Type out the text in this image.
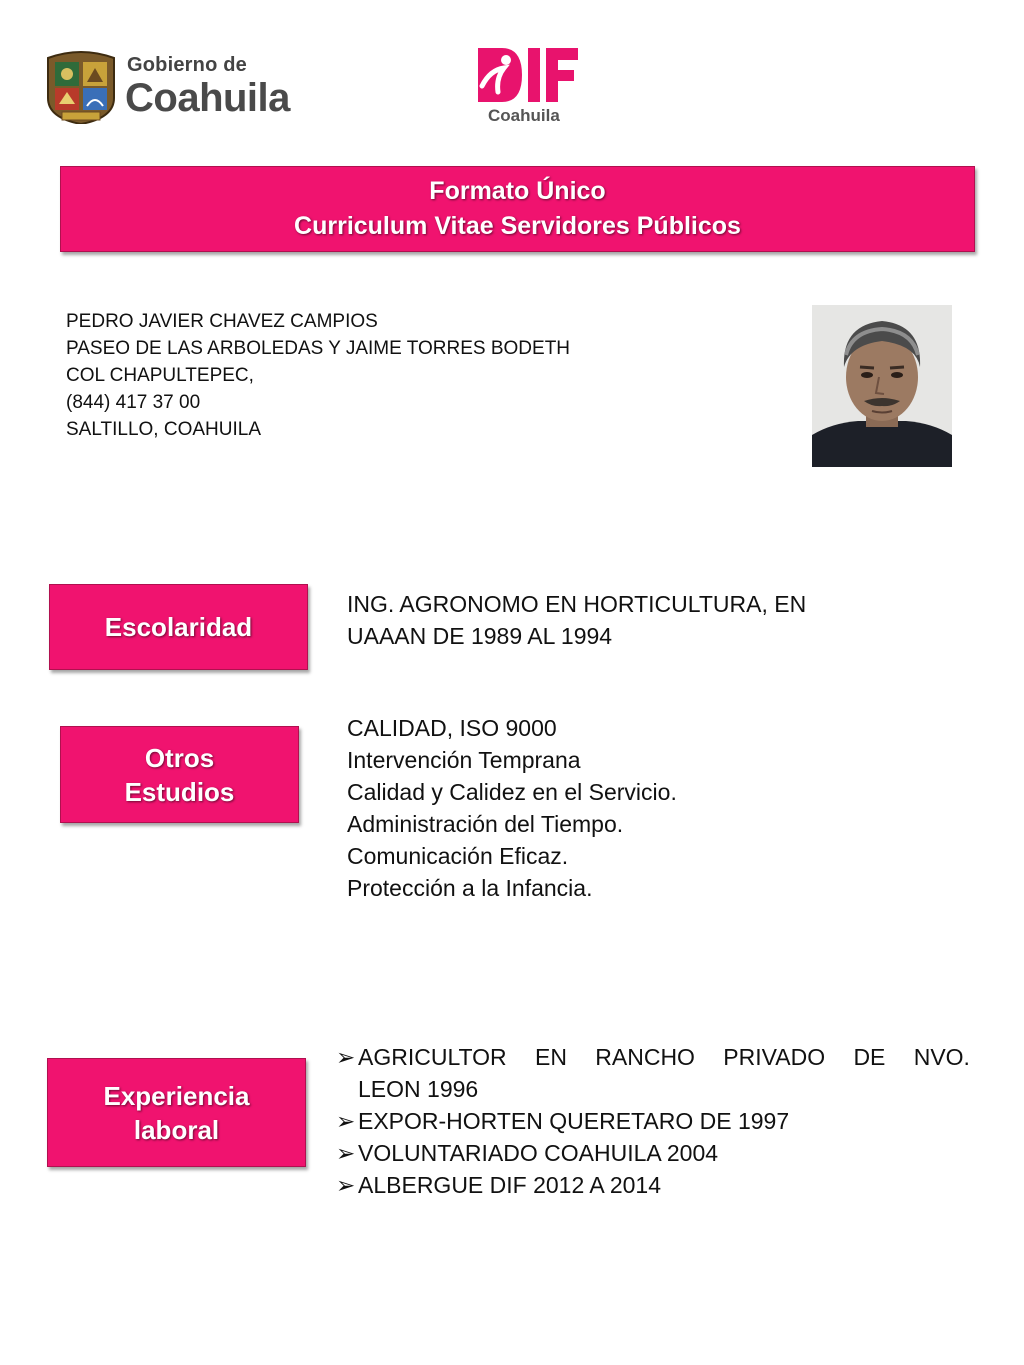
Gobierno de
Coahuila	Coahuila
Formato Único
Curriculum Vitae Servidores Públicos
PEDRO JAVIER CHAVEZ CAMPIOS
PASEO DE LAS ARBOLEDAS Y JAIME TORRES BODETH
COL CHAPULTEPEC,
(844) 417 37 00
SALTILLO, COAHUILA
Escolaridad
ING. AGRONOMO EN HORTICULTURA, EN
UAAAN DE 1989 AL 1994
Otros
Estudios
CALIDAD, ISO 9000
Intervención Temprana
Calidad y Calidez en el Servicio.
Administración del Tiempo.
Comunicación Eficaz.
Protección a la Infancia.
Experiencia
laboral
➢ AGRICULTOR EN RANCHO PRIVADO DE NVO.
LEON 1996
➢ EXPOR-HORTEN QUERETARO DE 1997
➢ VOLUNTARIADO COAHUILA 2004
➢ ALBERGUE DIF 2012 A 2014
